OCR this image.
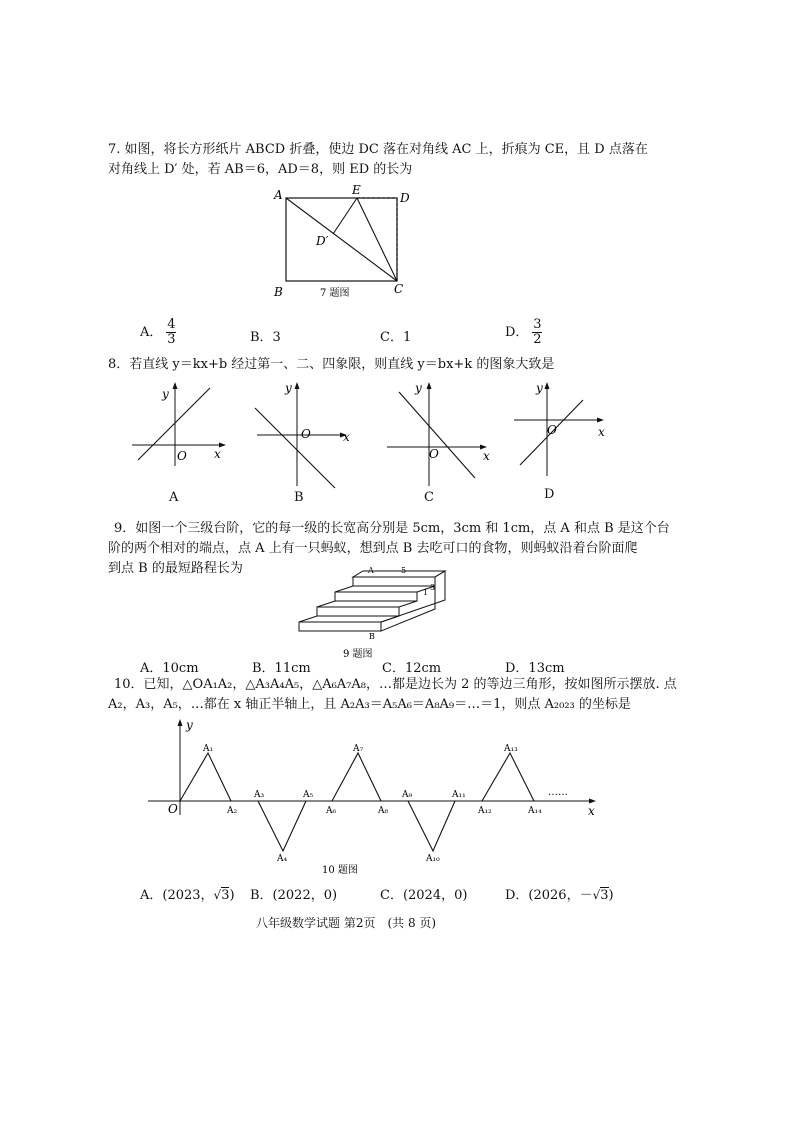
7. 如图，将长方形纸片 ABCD 折叠，使边 DC 落在对角线 AC 上，折痕为 CE，且 D 点落在
对角线上 D′ 处，若 AB＝6，AD＝8，则 ED 的长为
A	E
D
D′
B	C
7 题图
A． $\frac{4}{3}$	B．3	C．1	D． $\frac{3}{2}$
8．若直线 y＝kx+b 经过第一、二、四象限，则直线 y＝bx+k 的图象大致是
y
x
O
A
y
x
O
B
y
x
O
C
y
x
O
D
9．如图一个三级台阶，它的每一级的长宽高分别是 5cm，3cm 和 1cm，点 A 和点 B 是这个台
阶的两个相对的端点，点 A 上有一只蚂蚁，想到点 B 去吃可口的食物，则蚂蚁沿着台阶面爬
到点 B 的最短路程长为	A	5
3
1
B
9 题图
A．10cm	B．11cm	C．12cm	D．13cm
10．已知，△OA₁A₂，△A₃A₄A₅，△A₆A₇A₈，…都是边长为 2 的等边三角形，按如图所示摆放. 点
A₂，A₃，A₅，…都在 x 轴正半轴上，且 A₂A₃＝A₅A₆＝A₈A₉＝…＝1，则点 A₂₀₂₃ 的坐标是
y
x
O
……
A₁
A₂
A₃
A₄
A₅
A₆
A₇
A₈
A₉
A₁₀
A₁₁
A₁₂
A₁₃
A₁₄
10 题图
A．(2023，√3) B．(2022，0)	C．(2024，0)	D．(2026，－√3)
八年级数学试题 第2页　(共 8 页)
